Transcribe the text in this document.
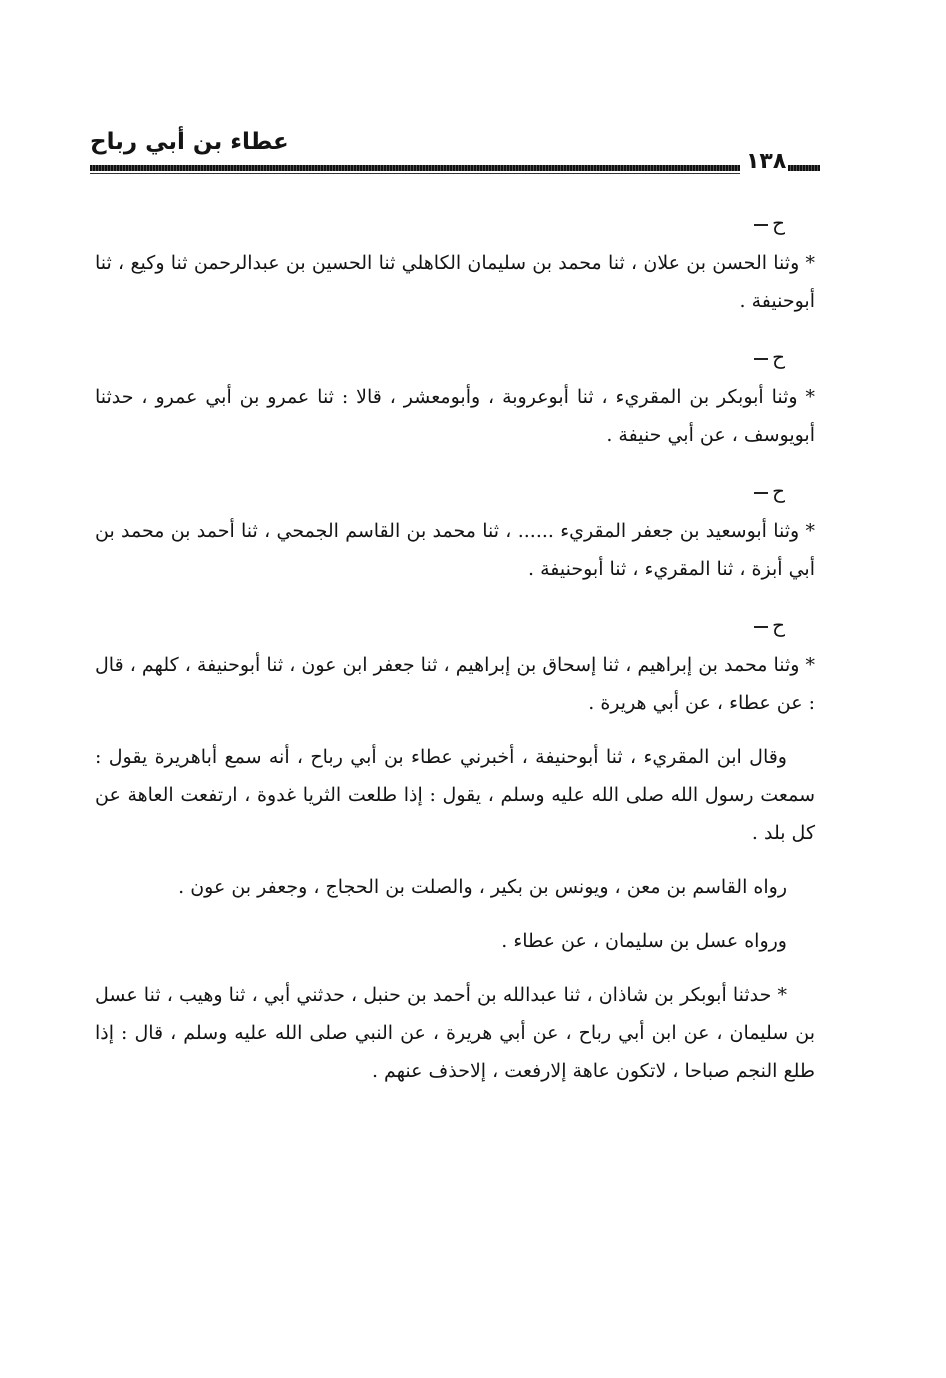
عطاء بن أبي رباح
١٣٨

ح

* وثنا الحسن بن علان ، ثنا محمد بن سليمان الكاهلي ثنا الحسين بن عبدالرحمن ثنا وكيع ، ثنا أبوحنيفة .

ح

* وثنا أبوبكر بن المقريء ، ثنا أبوعروبة ، وأبومعشر ، قالا : ثنا عمرو بن أبي عمرو ، حدثنا أبويوسف ، عن أبي حنيفة .

ح

* وثنا أبوسعيد بن جعفر المقريء ...... ، ثنا محمد بن القاسم الجمحي ، ثنا أحمد بن محمد بن أبي أبزة ، ثنا المقريء ، ثنا أبوحنيفة .

ح

* وثنا محمد بن إبراهيم ، ثنا إسحاق بن إبراهيم ، ثنا جعفر ابن عون ، ثنا أبوحنيفة ، كلهم ، قال : عن عطاء ، عن أبي هريرة .

وقال ابن المقريء ، ثنا أبوحنيفة ، أخبرني عطاء بن أبي رباح ، أنه سمع أباهريرة يقول : سمعت رسول الله صلى الله عليه وسلم ، يقول : إذا طلعت الثريا غدوة ، ارتفعت العاهة عن كل بلد .

رواه القاسم بن معن ، ويونس بن بكير ، والصلت بن الحجاج ، وجعفر بن عون .

ورواه عسل بن سليمان ، عن عطاء .

* حدثنا أبوبكر بن شاذان ، ثنا عبدالله بن أحمد بن حنبل ، حدثني أبي ، ثنا وهيب ، ثنا عسل بن سليمان ، عن ابن أبي رباح ، عن أبي هريرة ، عن النبي صلى الله عليه وسلم ، قال : إذا طلع النجم صباحا ، لاتكون عاهة إلارفعت ، إلاحذف عنهم .
